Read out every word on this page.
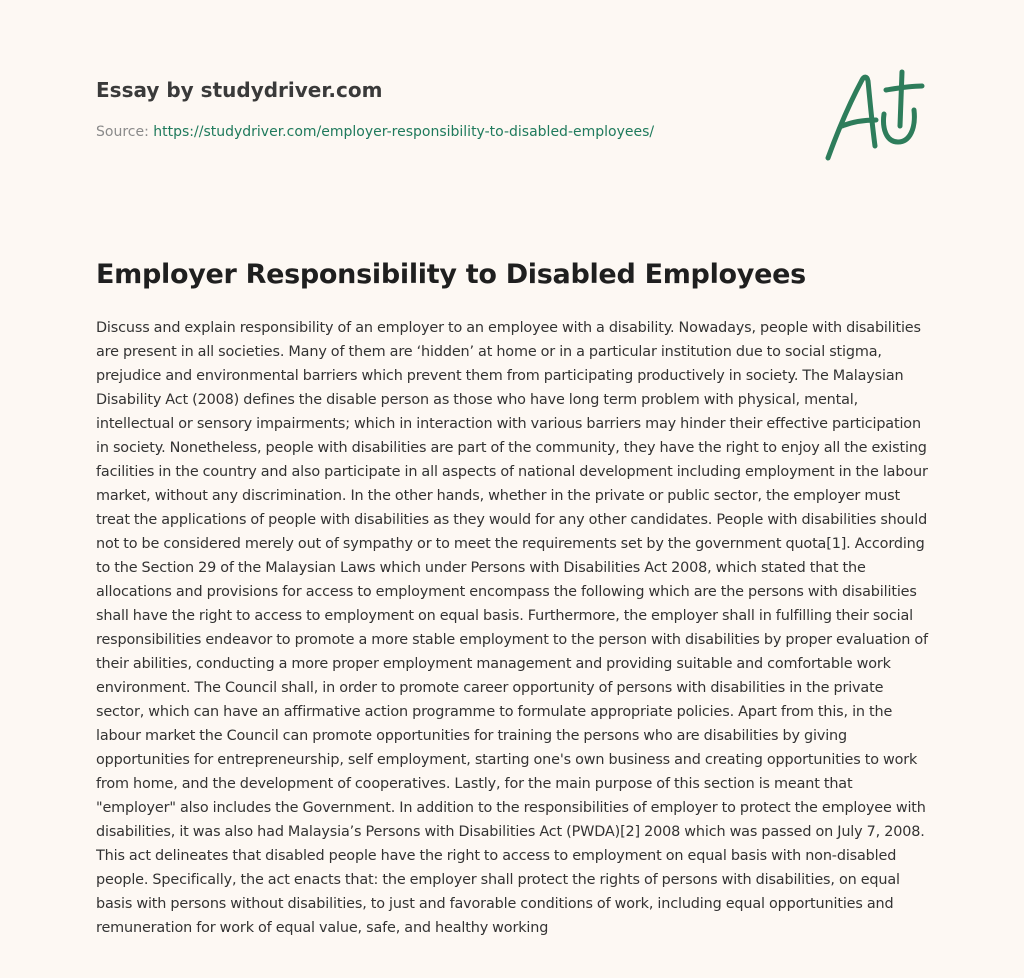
Essay by studydriver.com
Source: https://studydriver.com/employer-responsibility-to-disabled-employees/
Employer Responsibility to Disabled Employees

Discuss and explain responsibility of an employer to an employee with a disability. Nowadays, people with disabilities are present in all societies. Many of them are ‘hidden’ at home or in a particular institution due to social stigma, prejudice and environmental barriers which prevent them from participating productively in society. The Malaysian Disability Act (2008) defines the disable person as those who have long term problem with physical, mental, intellectual or sensory impairments; which in interaction with various barriers may hinder their effective participation in society. Nonetheless, people with disabilities are part of the community, they have the right to enjoy all the existing facilities in the country and also participate in all aspects of national development including employment in the labour market, without any discrimination. In the other hands, whether in the private or public sector, the employer must treat the applications of people with disabilities as they would for any other candidates. People with disabilities should not to be considered merely out of sympathy or to meet the requirements set by the government quota[1]. According to the Section 29 of the Malaysian Laws which under Persons with Disabilities Act 2008, which stated that the allocations and provisions for access to employment encompass the following which are the persons with disabilities shall have the right to access to employment on equal basis. Furthermore, the employer shall in fulfilling their social responsibilities endeavor to promote a more stable employment to the person with disabilities by proper evaluation of their abilities, conducting a more proper employment management and providing suitable and comfortable work environment. The Council shall, in order to promote career opportunity of persons with disabilities in the private sector, which can have an affirmative action programme to formulate appropriate policies. Apart from this, in the labour market the Council can promote opportunities for training the persons who are disabilities by giving opportunities for entrepreneurship, self employment, starting one's own business and creating opportunities to work from home, and the development of cooperatives. Lastly, for the main purpose of this section is meant that "employer" also includes the Government. In addition to the responsibilities of employer to protect the employee with disabilities, it was also had Malaysia’s Persons with Disabilities Act (PWDA)[2] 2008 which was passed on July 7, 2008. This act delineates that disabled people have the right to access to employment on equal basis with non-disabled people. Specifically, the act enacts that: the employer shall protect the rights of persons with disabilities, on equal basis with persons without disabilities, to just and favorable conditions of work, including equal opportunities and remuneration for work of equal value, safe, and healthy working
